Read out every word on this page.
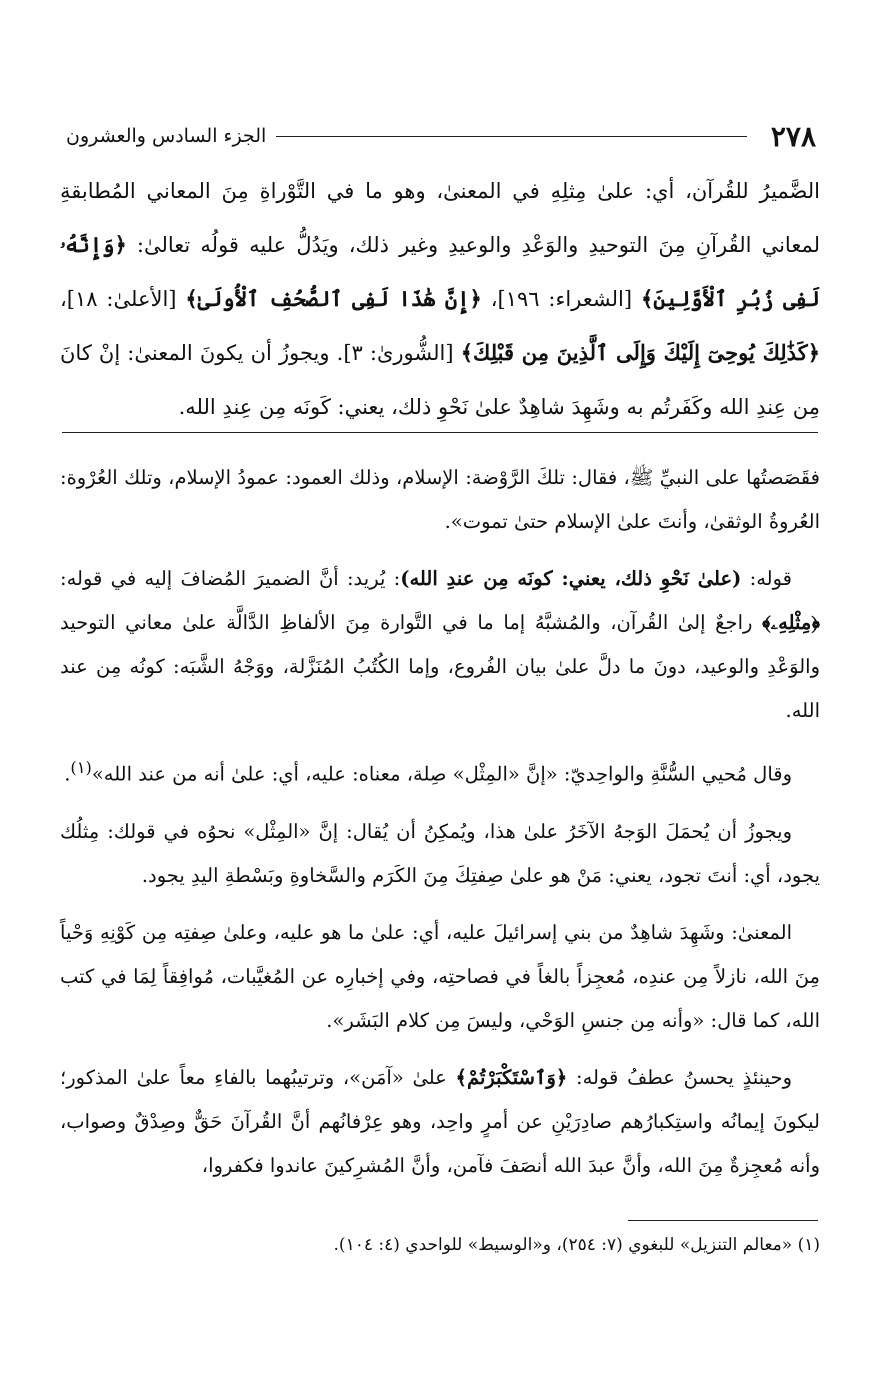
٢٧٨
الجزء السادس والعشرون
الضَّميرُ للقُرآن، أي: علىٰ مِثلِهِ في المعنىٰ، وهو ما في التَّوْراةِ مِنَ المعاني المُطابقةِ لمعاني القُرآنِ مِنَ التوحيدِ والوَعْدِ والوعيدِ وغير ذلك، ويَدُلُّ عليه قولُه تعالىٰ: ﴿وَإِنَّهُۥ لَفِى زُبُرِ ٱلْأَوَّلِينَ﴾ [الشعراء: ١٩٦]، ﴿إِنَّ هَٰذَا لَفِى ٱلصُّحُفِ ٱلْأُولَىٰ﴾ [الأعلىٰ: ١٨]، ﴿كَذَٰلِكَ يُوحِىٓ إِلَيْكَ وَإِلَى ٱلَّذِينَ مِن قَبْلِكَ﴾ [الشُّورىٰ: ٣]. ويجوزُ أن يكونَ المعنىٰ: إنْ كانَ مِن عِندِ الله وكَفَرتُم به وشَهِدَ شاهِدٌ علىٰ نَحْوِ ذلك، يعني: كَونَه مِن عِندِ الله.

فقَصَصتُها على النبيِّ ﷺ، فقال: تلكَ الرَّوْضة: الإسلام، وذلك العمود: عمودُ الإسلام، وتلك العُرْوة: العُروةُ الوثقىٰ، وأنتَ علىٰ الإسلام حتىٰ تموت».

قوله: (علىٰ نَحْوِ ذلك، يعني: كونَه مِن عندِ الله): يُريد: أنَّ الضميرَ المُضافَ إليه في قوله: ﴿مِثْلِهِۦ﴾ راجعٌ إلىٰ القُرآن، والمُشبَّهُ إما ما في التَّوارة مِنَ الألفاظِ الدَّالَّة علىٰ معاني التوحيد والوَعْدِ والوعيد، دونَ ما دلَّ علىٰ بيان الفُروع، وإما الكُتُبُ المُنَزَّلة، ووَجْهُ الشَّبَه: كونُه مِن عند الله.

وقال مُحيي السُّنَّةِ والواحِديّ: «إنَّ «المِثْل» صِلة، معناه: عليه، أي: علىٰ أنه من عند الله»$^{(١)}$.

ويجوزُ أن يُحمَلَ الوَجهُ الآخَرُ علىٰ هذا، ويُمكِنُ أن يُقال: إنَّ «المِثْل» نحوُه في قولك: مِثلُك يجود، أي: أنتَ تجود، يعني: مَنْ هو علىٰ صِفتِكَ مِنَ الكَرَم والسَّخاوةِ وبَسْطةِ اليدِ يجود.

المعنىٰ: وشَهِدَ شاهِدٌ من بني إسرائيلَ عليه، أي: علىٰ ما هو عليه، وعلىٰ صِفتِه مِن كَوْنِهِ وَحْياً مِنَ الله، نازلاً مِن عندِه، مُعجِزاً بالغاً في فصاحتِه، وفي إخبارِه عن المُغيَّبات، مُوافِقاً لِمَا في كتب الله، كما قال: «وأنه مِن جنسِ الوَحْي، وليسَ مِن كلام البَشَر».

وحينئذٍ يحسنُ عطفُ قوله: ﴿وَٱسْتَكْبَرْتُمْ﴾ علىٰ «آمَن»، وترتيبُهما بالفاءِ معاً علىٰ المذكور؛ ليكونَ إيمانُه واستِكبارُهم صادِرَيْنِ عن أمرٍ واحِد، وهو عِرْفانُهم أنَّ القُرآنَ حَقٌّ وصِدْقٌ وصواب، وأنه مُعجِزةٌ مِنَ الله، وأنَّ عبدَ الله أنصَفَ فآمن، وأنَّ المُشرِكينَ عاندوا فكفروا،

(١) «معالم التنزيل» للبغوي (٧: ٢٥٤)، و«الوسيط» للواحدي (٤: ١٠٤).
